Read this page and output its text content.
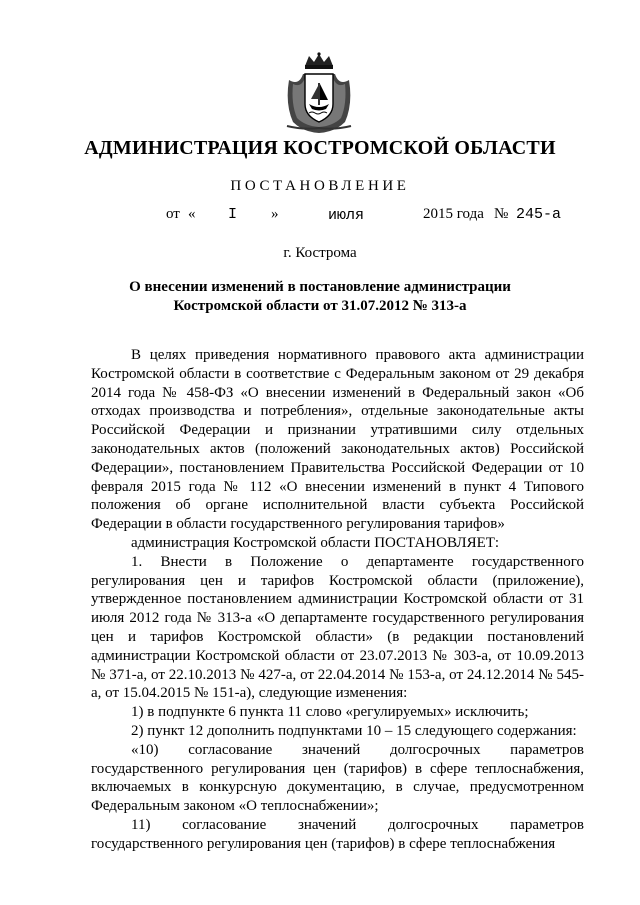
АДМИНИСТРАЦИЯ КОСТРОМСКОЙ ОБЛАСТИ
ПОСТАНОВЛЕНИЕ
от « I »	июля	2015 года № 245-а
г. Кострома
О внесении изменений в постановление администрации
Костромской области от 31.07.2012 № 313-а

В целях приведения нормативного правового акта администрации Костромской области в соответствие с Федеральным законом от 29 декабря 2014 года № 458-ФЗ «О внесении изменений в Федеральный закон «Об отходах производства и потребления», отдельные законодательные акты Российской Федерации и признании утратившими силу отдельных законодательных актов (положений законодательных актов) Российской Федерации», постановлением Правительства Российской Федерации от 10 февраля 2015 года № 112 «О внесении изменений в пункт 4 Типового положения об органе исполнительной власти субъекта Российской Федерации в области государственного регулирования тарифов»

администрация Костромской области ПОСТАНОВЛЯЕТ:

1. Внести в Положение о департаменте государственного регулирования цен и тарифов Костромской области (приложение), утвержденное постановлением администрации Костромской области от 31 июля 2012 года № 313-а «О департаменте государственного регулирования цен и тарифов Костромской области» (в редакции постановлений администрации Костромской области от 23.07.2013 № 303-а, от 10.09.2013 № 371-а, от 22.10.2013 № 427-а, от 22.04.2014 № 153-а, от 24.12.2014 № 545-а, от 15.04.2015 № 151-а), следующие изменения:

1) в подпункте 6 пункта 11 слово «регулируемых» исключить;

2) пункт 12 дополнить подпунктами 10 – 15 следующего содержания:

«10) согласование значений долгосрочных параметров государственного регулирования цен (тарифов) в сфере теплоснабжения, включаемых в конкурсную документацию, в случае, предусмотренном Федеральным законом «О теплоснабжении»;

11) согласование значений долгосрочных параметров государственного регулирования цен (тарифов) в сфере теплоснабжения
